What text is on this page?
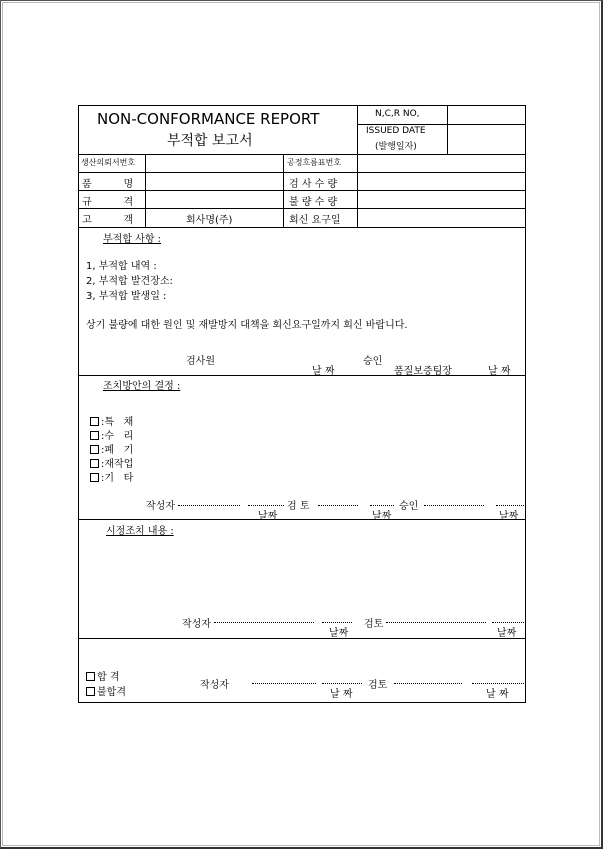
NON-CONFORMANCE REPORT
부적합 보고서
N,C,R NO,
ISSUED DATE
(발행일자)
생산의뢰서번호	공정흐름표번호
품          명	검 사 수 량
규          격	불 량 수 량
고          객	회사명(주)	회신 요구일
부적합 사항 :
1, 부적합 내역 :
2, 부적합 발견장소:
3, 부적합 발생일 :
상기 불량에 대한 원인 및 재발방지 대책을 회신요구일까지 회신 바랍니다.
검사원
날 짜
승인
품질보증팀장	날 짜
조치방안의 결정 :
:특   채
:수   리
:폐   기
:재작업
:기   타
작성자
날짜
검 토
날짜
승인
날짜
시정조치 내용 :
작성자
날짜
검토
날짜
합 격
불합격
작성자
날 짜
검토
날 짜
